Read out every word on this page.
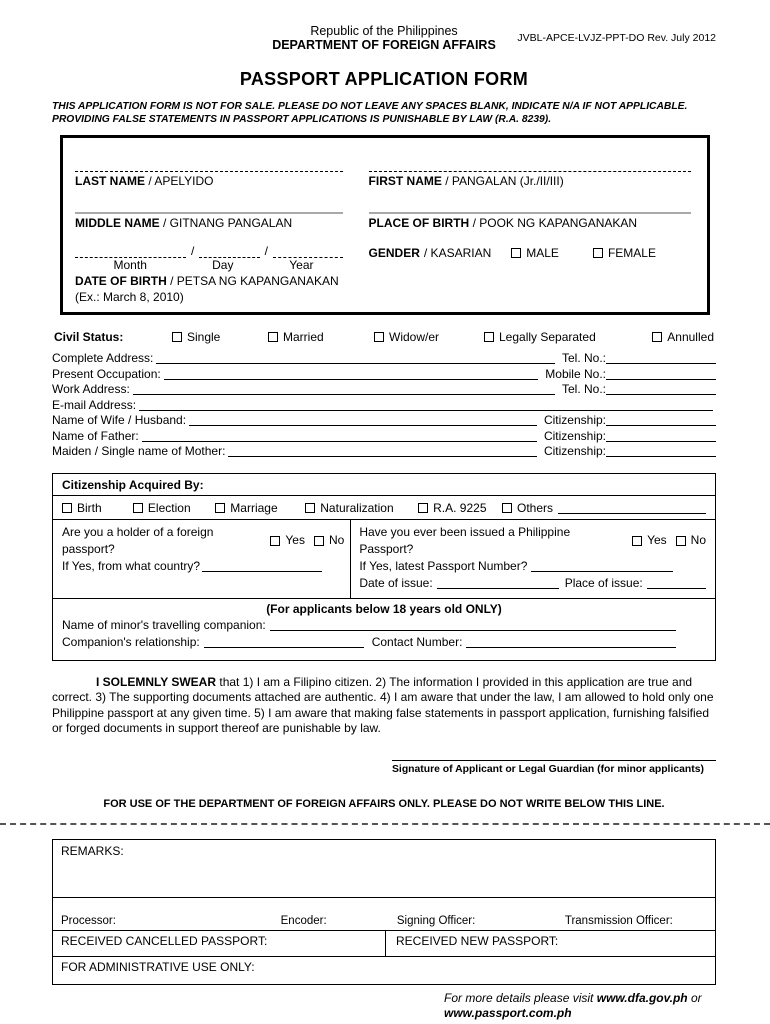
JVBL-APCE-LVJZ-PPT-DO Rev. July 2012
Republic of the Philippines
DEPARTMENT OF FOREIGN AFFAIRS
PASSPORT APPLICATION FORM
THIS APPLICATION FORM IS NOT FOR SALE. PLEASE DO NOT LEAVE ANY SPACES BLANK, INDICATE N/A IF NOT APPLICABLE. PROVIDING FALSE STATEMENTS IN PASSPORT APPLICATIONS IS PUNISHABLE BY LAW (R.A. 8239).
LAST NAME / APELYIDO	FIRST NAME / PANGALAN (Jr./II/III)
MIDDLE NAME / GITNANG PANGALAN	PLACE OF BIRTH / POOK NG KAPANGANAKAN
/	/
Month	Day	Year
DATE OF BIRTH / PETSA NG KAPANGANAKAN
(Ex.: March 8, 2010)
GENDER / KASARIAN	MALE	FEMALE
Civil Status:	Single	Married	Widow/er	Legally Separated	Annulled
Complete Address:	Tel. No.:
Present Occupation:	Mobile No.:
Work Address:	Tel. No.:
E-mail Address:
Name of Wife / Husband:	Citizenship:
Name of Father:	Citizenship:
Maiden / Single name of Mother:	Citizenship:
Citizenship Acquired By:
Birth	Election	Marriage	Naturalization	R.A. 9225	Others
Are you a holder of a foreign passport?
Yes No
If Yes, from what country?
Have you ever been issued a Philippine Passport?
Yes No
If Yes, latest Passport Number?
Date of issue:	Place of issue:
(For applicants below 18 years old ONLY)
Name of minor's travelling companion:
Companion's relationship:	Contact Number:

I SOLEMNLY SWEAR that 1) I am a Filipino citizen. 2) The information I provided in this application are true and correct. 3) The supporting documents attached are authentic. 4) I am aware that under the law, I am allowed to hold only one Philippine passport at any given time. 5) I am aware that making false statements in passport application, furnishing falsified or forged documents in support thereof are punishable by law.

Signature of Applicant or Legal Guardian (for minor applicants)
FOR USE OF THE DEPARTMENT OF FOREIGN AFFAIRS ONLY. PLEASE DO NOT WRITE BELOW THIS LINE.
REMARKS:
Processor:	Encoder:	Signing Officer:	Transmission Officer:
RECEIVED CANCELLED PASSPORT:	RECEIVED NEW PASSPORT:
FOR ADMINISTRATIVE USE ONLY:
For more details please visit www.dfa.gov.ph or
www.passport.com.ph
